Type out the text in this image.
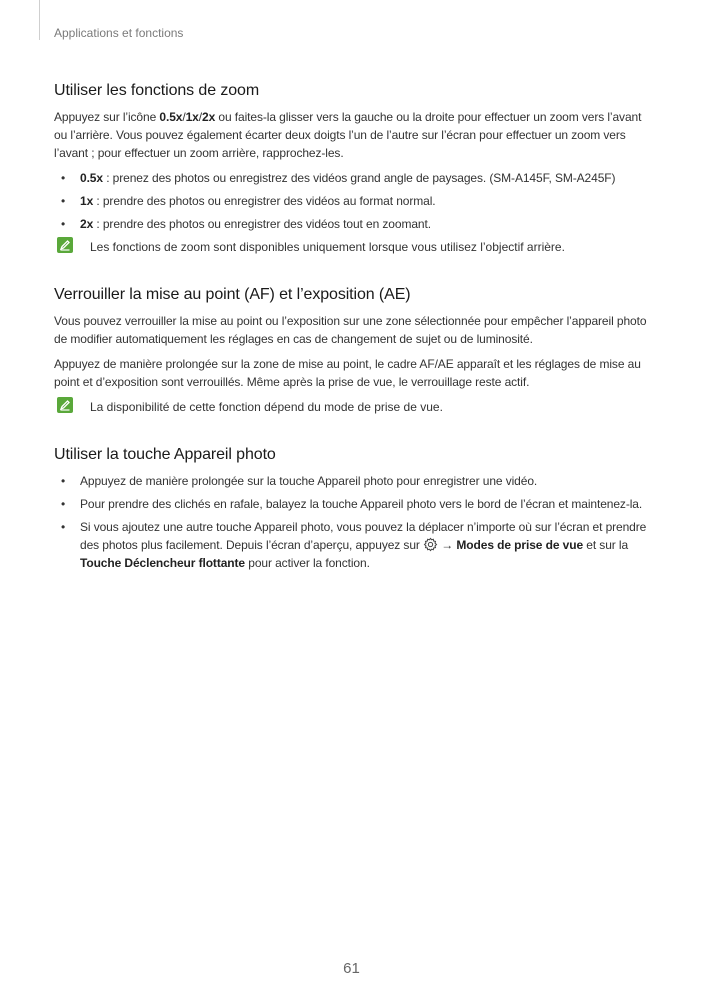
Applications et fonctions
Utiliser les fonctions de zoom

Appuyez sur l’icône 0.5x/1x/2x ou faites-la glisser vers la gauche ou la droite pour effectuer un zoom vers l’avant ou l’arrière. Vous pouvez également écarter deux doigts l’un de l’autre sur l’écran pour effectuer un zoom vers l’avant ; pour effectuer un zoom arrière, rapprochez-les.

• 0.5x : prenez des photos ou enregistrez des vidéos grand angle de paysages. (SM-A145F, SM-A245F)
• 1x : prendre des photos ou enregistrer des vidéos au format normal.
• 2x : prendre des photos ou enregistrer des vidéos tout en zoomant.
Les fonctions de zoom sont disponibles uniquement lorsque vous utilisez l’objectif arrière.
Verrouiller la mise au point (AF) et l’exposition (AE)

Vous pouvez verrouiller la mise au point ou l’exposition sur une zone sélectionnée pour empêcher l’appareil photo de modifier automatiquement les réglages en cas de changement de sujet ou de luminosité.

Appuyez de manière prolongée sur la zone de mise au point, le cadre AF/AE apparaît et les réglages de mise au point et d’exposition sont verrouillés. Même après la prise de vue, le verrouillage reste actif.

La disponibilité de cette fonction dépend du mode de prise de vue.
Utiliser la touche Appareil photo
• Appuyez de manière prolongée sur la touche Appareil photo pour enregistrer une vidéo.
• Pour prendre des clichés en rafale, balayez la touche Appareil photo vers le bord de l’écran et maintenez-la.
• Si vous ajoutez une autre touche Appareil photo, vous pouvez la déplacer n’importe où sur l’écran et prendre des photos plus facilement. Depuis l’écran d’aperçu, appuyez sur  → Modes de prise de vue et sur la Touche Déclencheur flottante pour activer la fonction.
61
